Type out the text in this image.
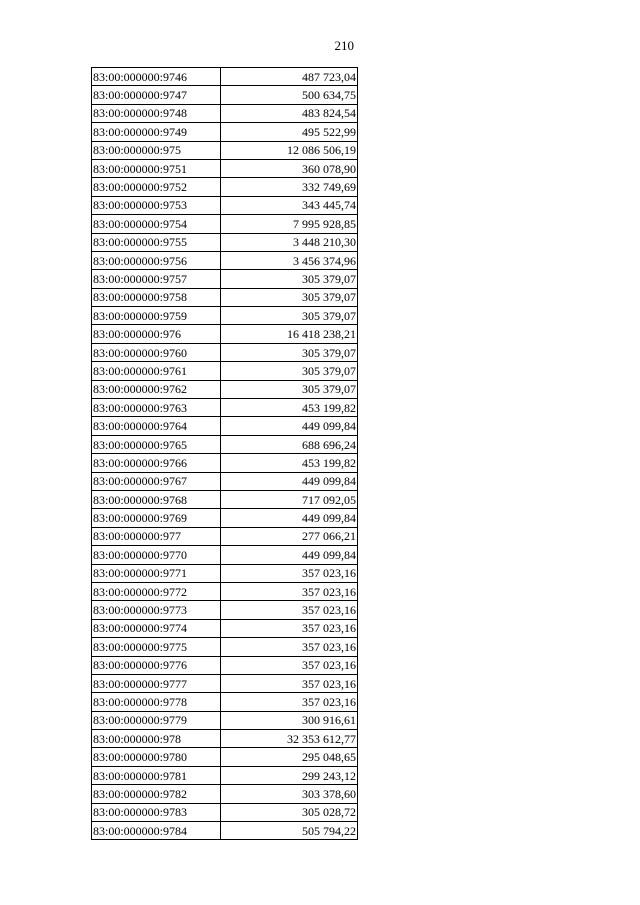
210
83:00:000000:9746	487 723,04
83:00:000000:9747	500 634,75
83:00:000000:9748	483 824,54
83:00:000000:9749	495 522,99
83:00:000000:975	12 086 506,19
83:00:000000:9751	360 078,90
83:00:000000:9752	332 749,69
83:00:000000:9753	343 445,74
83:00:000000:9754	7 995 928,85
83:00:000000:9755	3 448 210,30
83:00:000000:9756	3 456 374,96
83:00:000000:9757	305 379,07
83:00:000000:9758	305 379,07
83:00:000000:9759	305 379,07
83:00:000000:976	16 418 238,21
83:00:000000:9760	305 379,07
83:00:000000:9761	305 379,07
83:00:000000:9762	305 379,07
83:00:000000:9763	453 199,82
83:00:000000:9764	449 099,84
83:00:000000:9765	688 696,24
83:00:000000:9766	453 199,82
83:00:000000:9767	449 099,84
83:00:000000:9768	717 092,05
83:00:000000:9769	449 099,84
83:00:000000:977	277 066,21
83:00:000000:9770	449 099,84
83:00:000000:9771	357 023,16
83:00:000000:9772	357 023,16
83:00:000000:9773	357 023,16
83:00:000000:9774	357 023,16
83:00:000000:9775	357 023,16
83:00:000000:9776	357 023,16
83:00:000000:9777	357 023,16
83:00:000000:9778	357 023,16
83:00:000000:9779	300 916,61
83:00:000000:978	32 353 612,77
83:00:000000:9780	295 048,65
83:00:000000:9781	299 243,12
83:00:000000:9782	303 378,60
83:00:000000:9783	305 028,72
83:00:000000:9784	505 794,22
